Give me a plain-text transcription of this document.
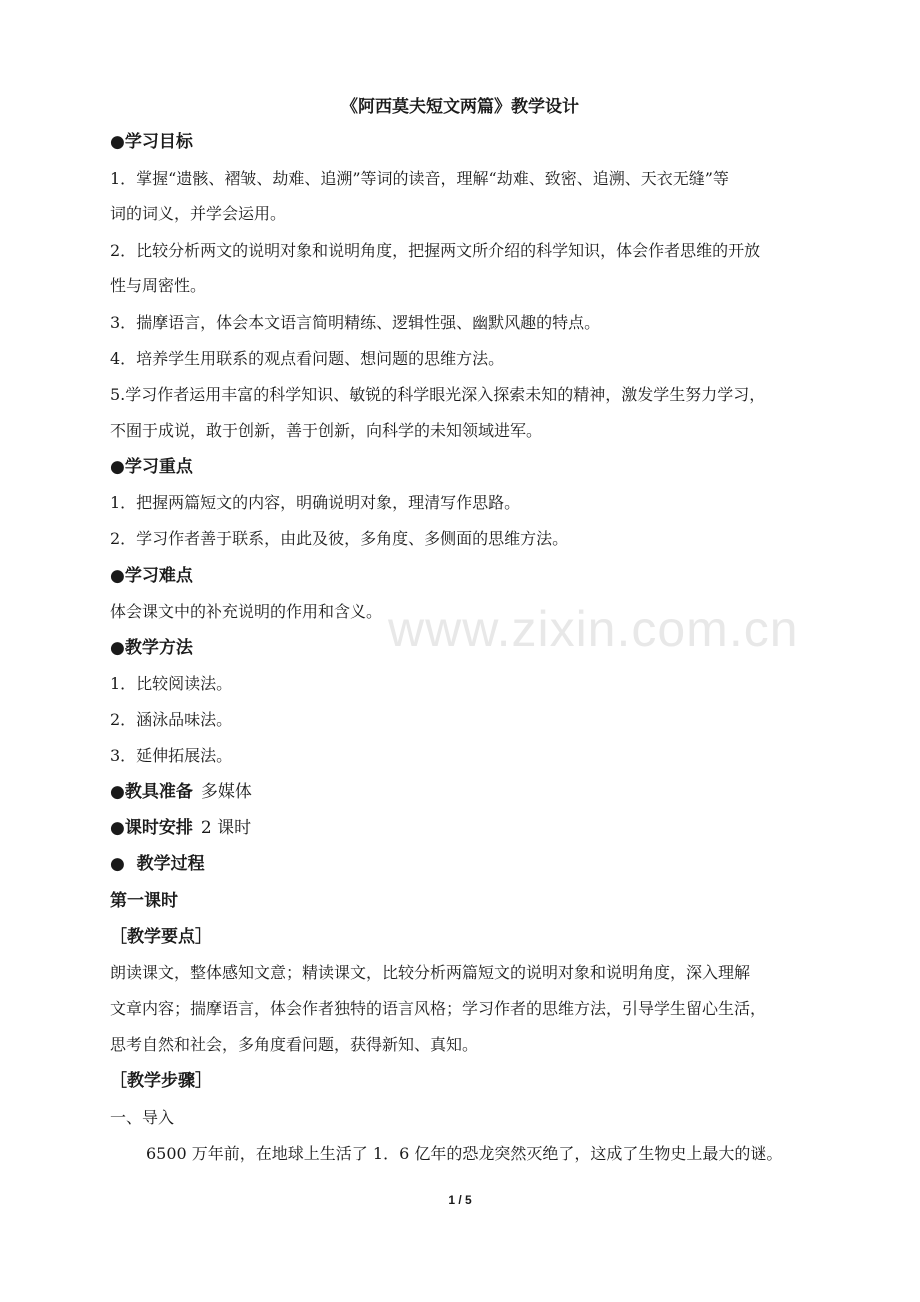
www.zixin.com.cn
《阿西莫夫短文两篇》教学设计
●学习目标
1．掌握“遗骸、褶皱、劫难、追溯”等词的读音，理解“劫难、致密、追溯、天衣无缝”等
词的词义，并学会运用。
2．比较分析两文的说明对象和说明角度，把握两文所介绍的科学知识，体会作者思维的开放
性与周密性。
3．揣摩语言，体会本文语言简明精练、逻辑性强、幽默风趣的特点。
4．培养学生用联系的观点看问题、想问题的思维方法。
5.学习作者运用丰富的科学知识、敏锐的科学眼光深入探索未知的精神，激发学生努力学习，
不囿于成说，敢于创新，善于创新，向科学的未知领域进军。
●学习重点
1．把握两篇短文的内容，明确说明对象，理清写作思路。
2．学习作者善于联系，由此及彼，多角度、多侧面的思维方法。
●学习难点
体会课文中的补充说明的作用和含义。
●教学方法
1．比较阅读法。
2．涵泳品味法。
3．延伸拓展法。
●教具准备 多媒体
●课时安排 2 课时
●  教学过程
第一课时
［教学要点］
朗读课文，整体感知文意；精读课文，比较分析两篇短文的说明对象和说明角度，深入理解
文章内容；揣摩语言，体会作者独特的语言风格；学习作者的思维方法，引导学生留心生活，
思考自然和社会，多角度看问题，获得新知、真知。
［教学步骤］
一、导入
6500 万年前，在地球上生活了 1．6 亿年的恐龙突然灭绝了，这成了生物史上最大的谜。
1 / 5
